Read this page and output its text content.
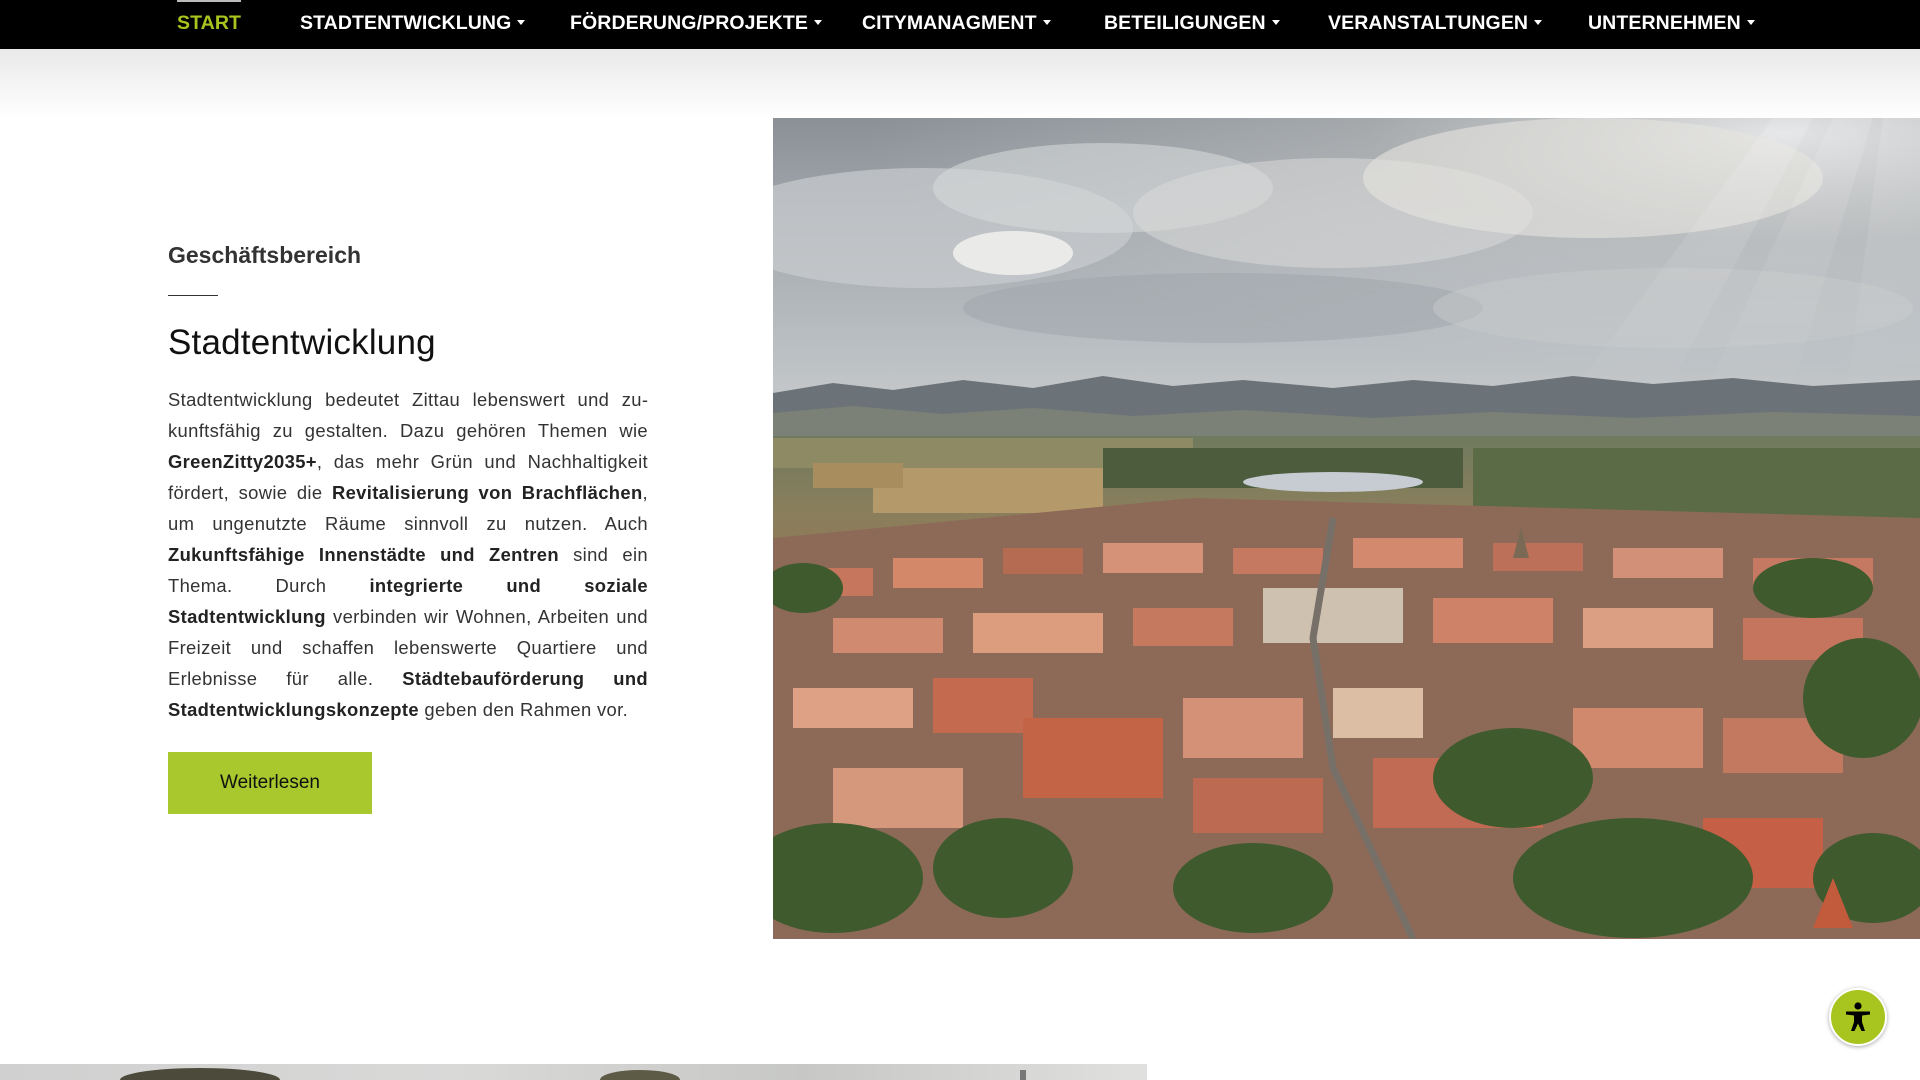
START	STADTENTWICKLUNG	FÖRDERUNG/PROJEKTE	CITYMANAGMENT	BETEILIGUNGEN	VERANSTALTUNGEN	UNTERNEHMEN
Geschäftsbereich
Stadtentwicklung

Stadtentwicklung bedeutet Zittau lebenswert und zukunftsfähig zu gestalten. Dazu gehören Themen wie GreenZitty2035+, das mehr Grün und Nachhaltigkeit fördert, sowie die Revitalisierung von Brachflächen, um ungenutzte Räume sinnvoll zu nutzen. Auch Zukunftsfähige Innenstädte und Zentren sind ein Thema. Durch integrierte und soziale Stadtentwicklung verbinden wir Wohnen, Arbeiten und Freizeit und schaffen lebenswerte Quartiere und Erlebnisse für alle. Städtebauförderung und Stadtentwicklungskonzepte geben den Rahmen vor.

Weiterlesen
